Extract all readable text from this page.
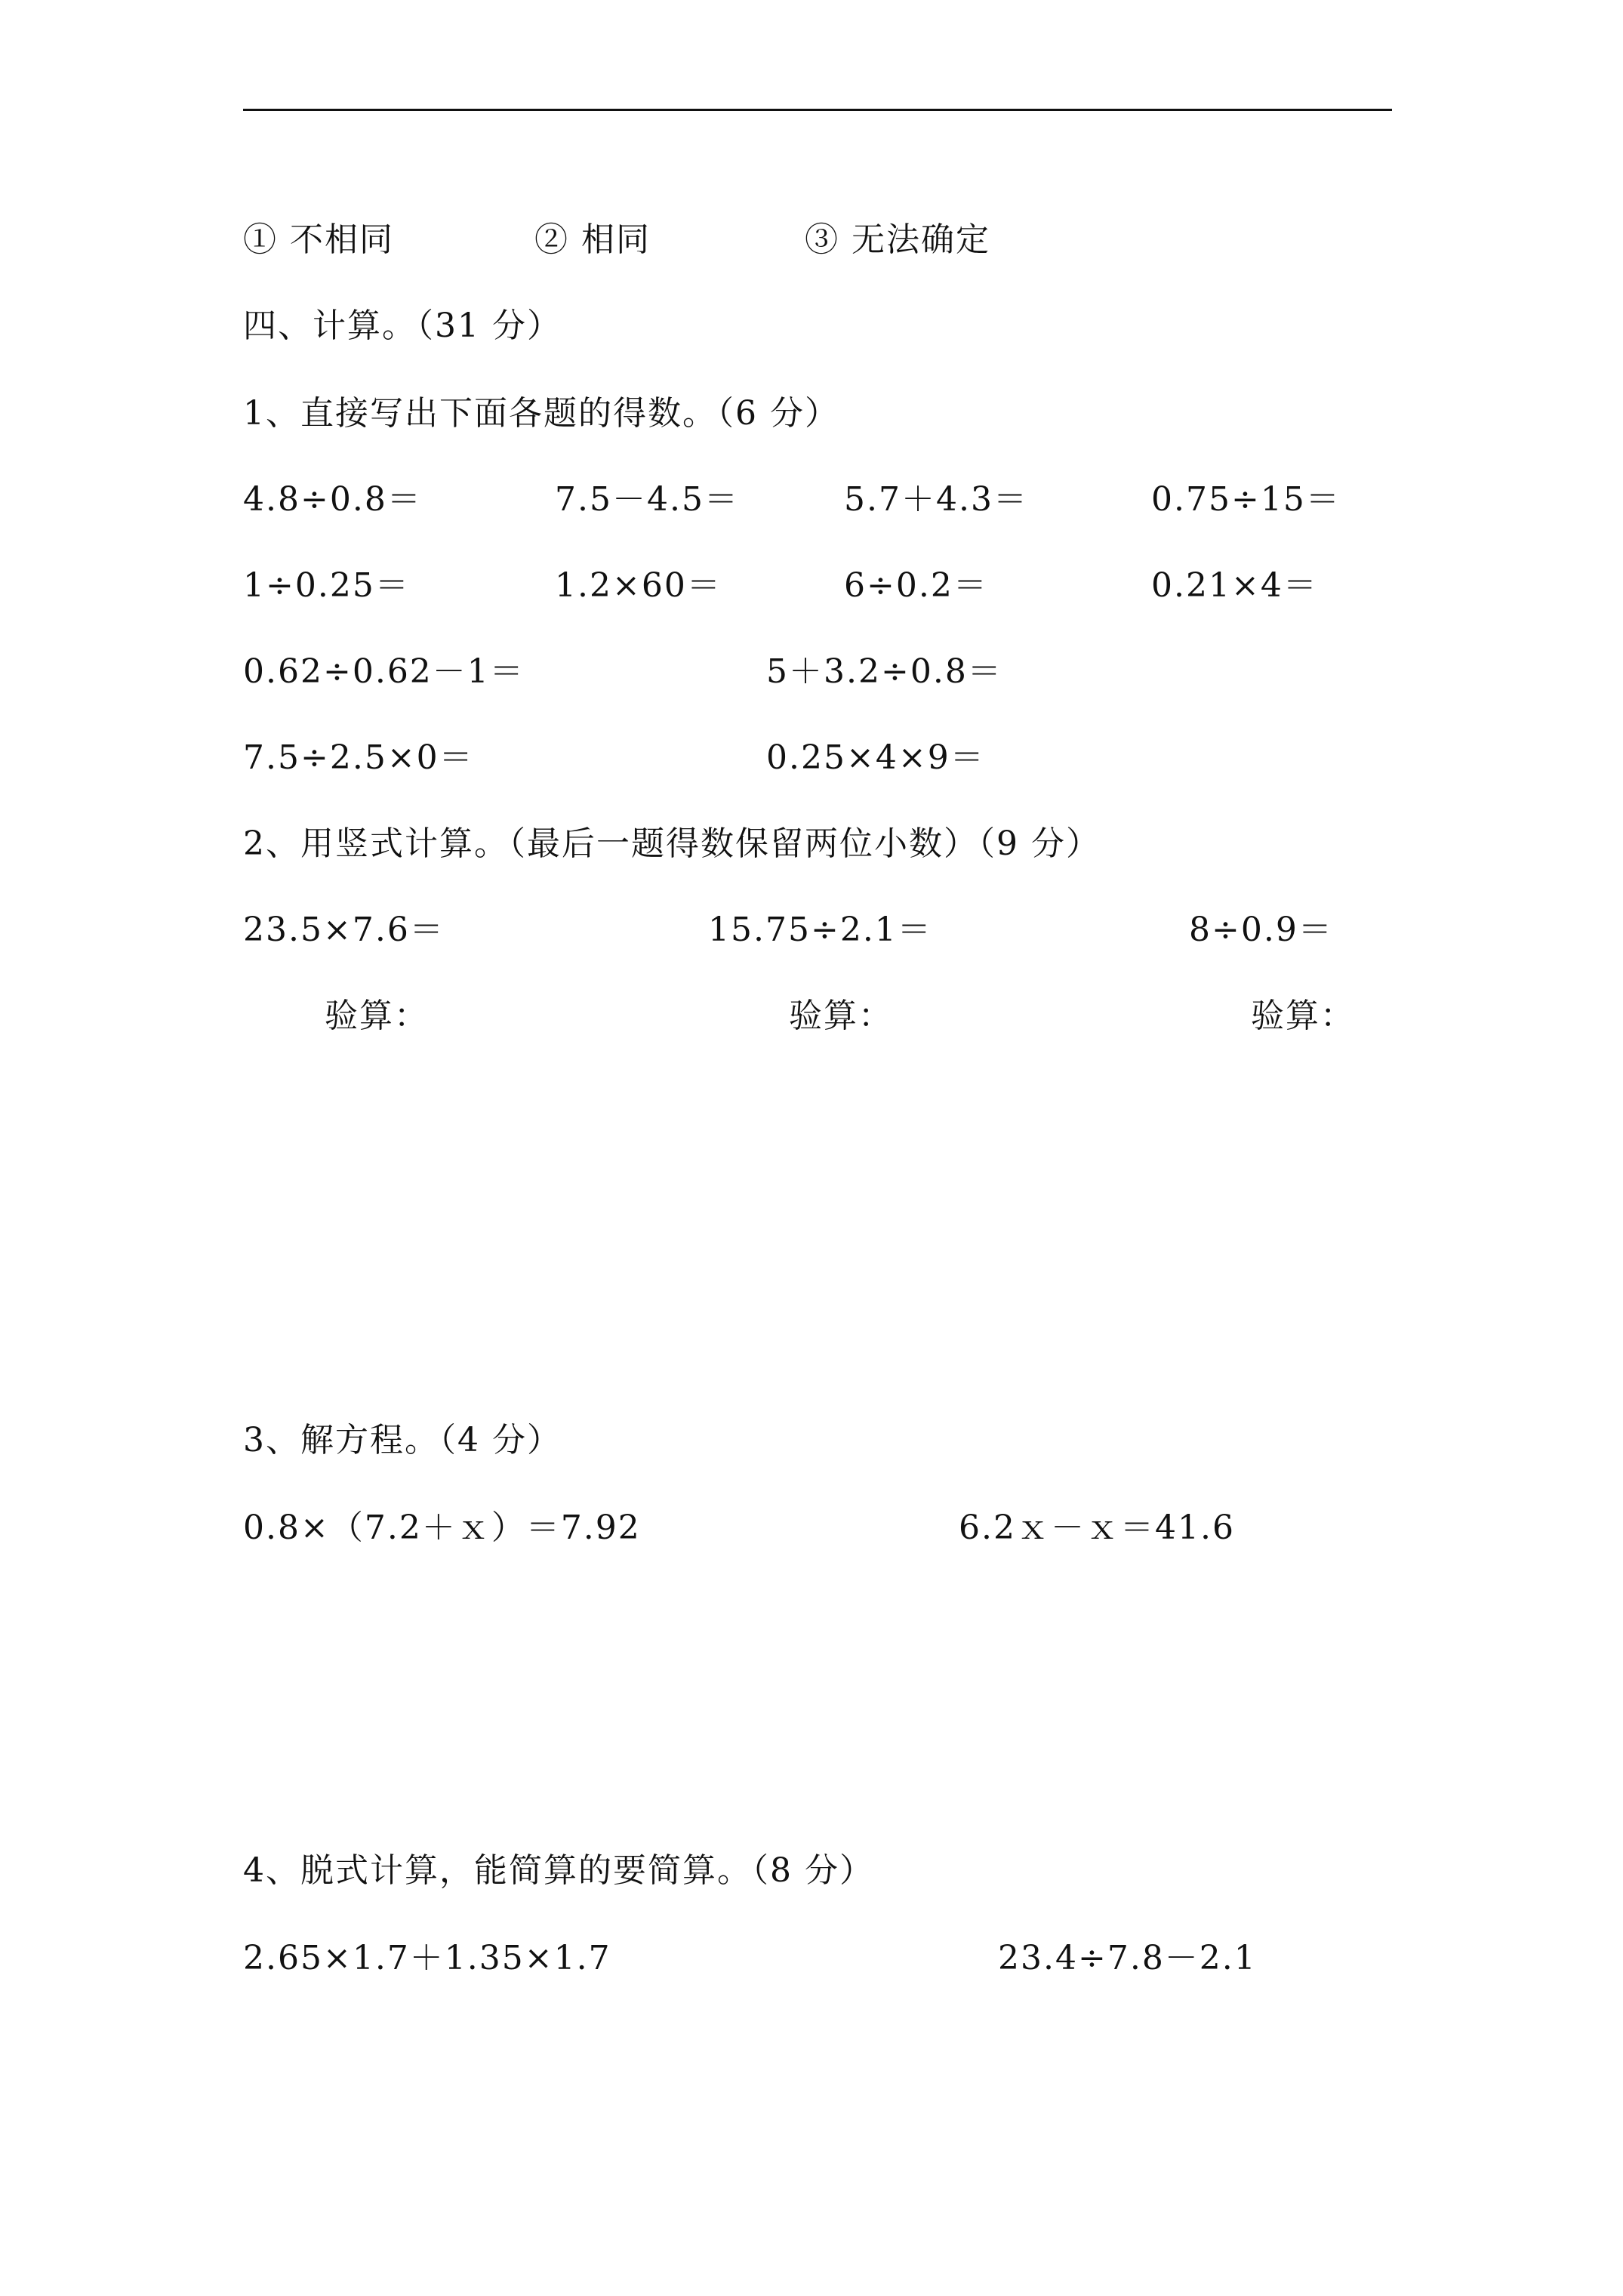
① 不相同	② 相同	③ 无法确定
四、计算。（31 分）
1、直接写出下面各题的得数。（6 分）
4.8÷0.8＝	7.5－4.5＝	5.7＋4.3＝	0.75÷15＝
1÷0.25＝	1.2×60＝	6÷0.2＝	0.21×4＝
0.62÷0.62－1＝	5＋3.2÷0.8＝
7.5÷2.5×0＝	0.25×4×9＝
2、用竖式计算。（最后一题得数保留两位小数）（9 分）
23.5×7.6＝	15.75÷2.1＝	8÷0.9＝
验算：	验算：	验算：
3、解方程。（4 分）
0.8×（7.2＋ｘ）＝7.92	6.2ｘ－ｘ＝41.6
4、脱式计算，能简算的要简算。（8 分）
2.65×1.7＋1.35×1.7	23.4÷7.8－2.1
